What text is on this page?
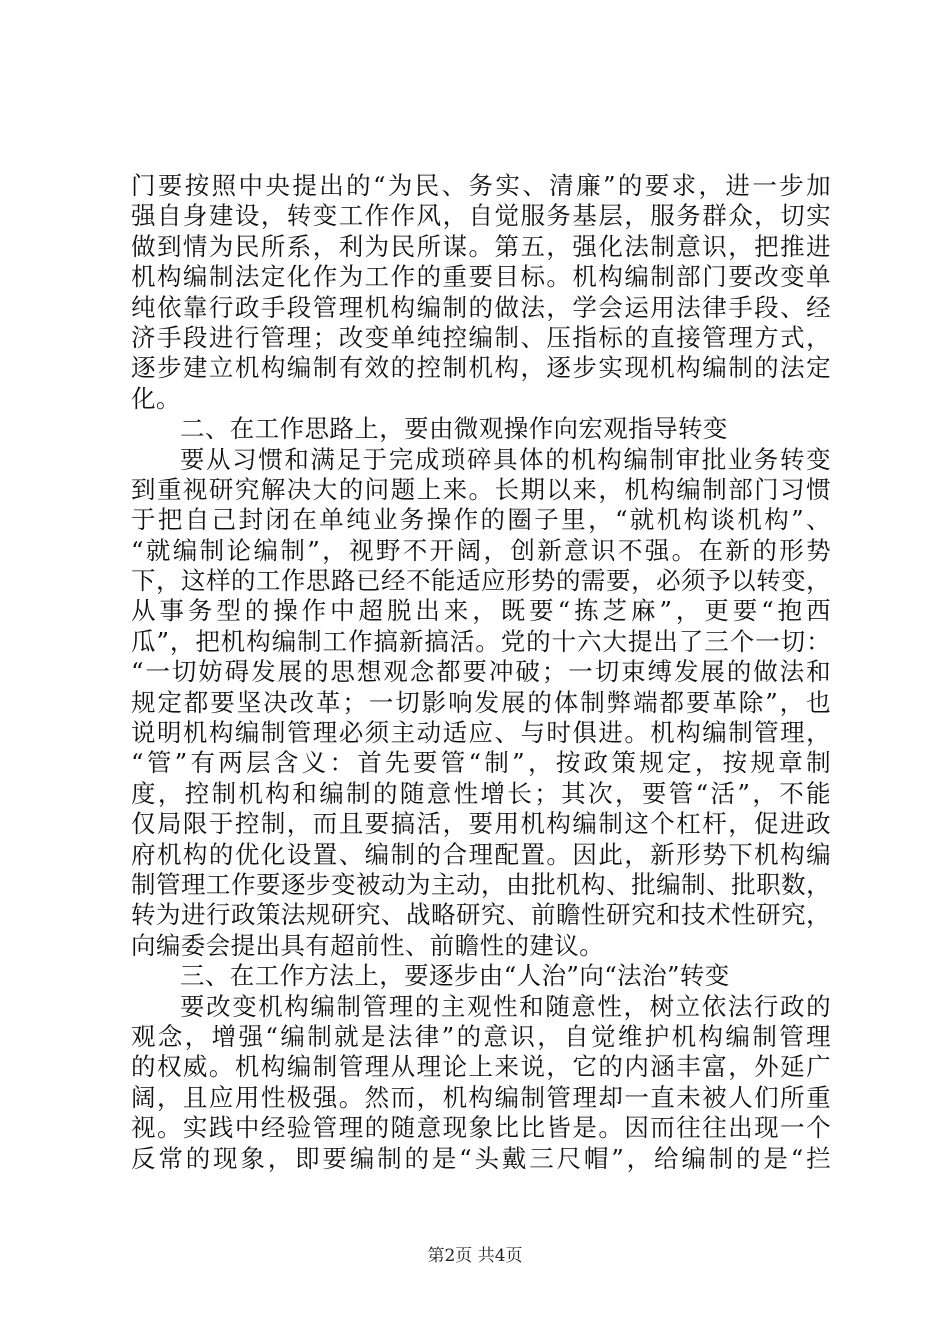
门要按照中央提出的“为民、务实、清廉”的要求，进一步加
强自身建设，转变工作作风，自觉服务基层，服务群众，切实
做到情为民所系，利为民所谋。第五，强化法制意识，把推进
机构编制法定化作为工作的重要目标。机构编制部门要改变单
纯依靠行政手段管理机构编制的做法，学会运用法律手段、经
济手段进行管理；改变单纯控编制、压指标的直接管理方式，
逐步建立机构编制有效的控制机构，逐步实现机构编制的法定
化。
二、在工作思路上，要由微观操作向宏观指导转变
要从习惯和满足于完成琐碎具体的机构编制审批业务转变
到重视研究解决大的问题上来。长期以来，机构编制部门习惯
于把自己封闭在单纯业务操作的圈子里，“就机构谈机构”、
“就编制论编制”，视野不开阔，创新意识不强。在新的形势
下，这样的工作思路已经不能适应形势的需要，必须予以转变，
从事务型的操作中超脱出来，既要“拣芝麻”，更要“抱西
瓜”，把机构编制工作搞新搞活。党的十六大提出了三个一切：
“一切妨碍发展的思想观念都要冲破；一切束缚发展的做法和
规定都要坚决改革；一切影响发展的体制弊端都要革除”，也
说明机构编制管理必须主动适应、与时俱进。机构编制管理，
“管”有两层含义：首先要管“制”，按政策规定，按规章制
度，控制机构和编制的随意性增长；其次，要管“活”，不能
仅局限于控制，而且要搞活，要用机构编制这个杠杆，促进政
府机构的优化设置、编制的合理配置。因此，新形势下机构编
制管理工作要逐步变被动为主动，由批机构、批编制、批职数，
转为进行政策法规研究、战略研究、前瞻性研究和技术性研究，
向编委会提出具有超前性、前瞻性的建议。
三、在工作方法上，要逐步由“人治”向“法治”转变
要改变机构编制管理的主观性和随意性，树立依法行政的
观念，增强“编制就是法律”的意识，自觉维护机构编制管理
的权威。机构编制管理从理论上来说，它的内涵丰富，外延广
阔，且应用性极强。然而，机构编制管理却一直未被人们所重
视。实践中经验管理的随意现象比比皆是。因而往往出现一个
反常的现象，即要编制的是“头戴三尺帽”，给编制的是“拦
第2页 共4页
